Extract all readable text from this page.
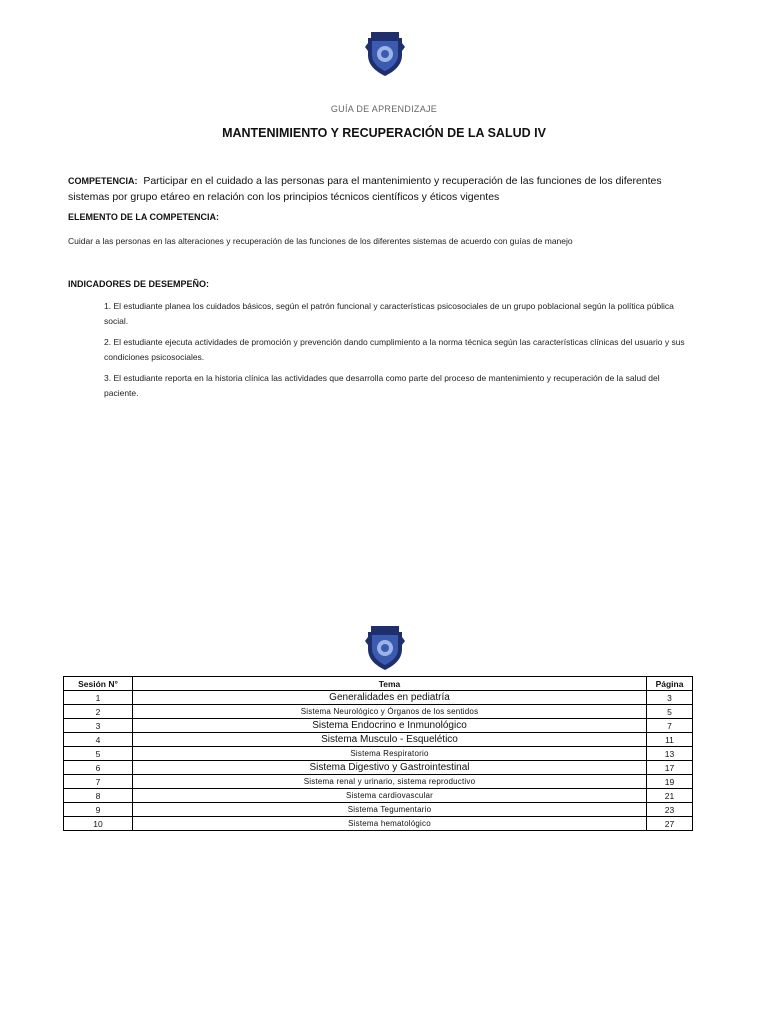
GUÍA DE APRENDIZAJE
MANTENIMIENTO Y RECUPERACIÓN DE LA SALUD IV
COMPETENCIA: Participar en el cuidado a las personas para el mantenimiento y recuperación de las funciones de los diferentes sistemas por grupo etáreo en relación con los principios técnicos científicos y éticos vigentes
ELEMENTO DE LA COMPETENCIA:
Cuidar a las personas en las alteraciones y recuperación de las funciones de los diferentes sistemas de acuerdo con guías de manejo
INDICADORES DE DESEMPEÑO:

1. El estudiante planea los cuidados básicos, según el patrón funcional y características psicosociales de un grupo poblacional según la política pública social.

2. El estudiante ejecuta actividades de promoción y prevención dando cumplimiento a la norma técnica según las características clínicas del usuario y sus condiciones psicosociales.

3. El estudiante reporta en la historia clínica las actividades que desarrolla como parte del proceso de mantenimiento y recuperación de la salud del paciente.

Sesión N°	Tema	Página
1	Generalidades en pediatría	3
2	Sistema Neurológico y Órganos de los sentidos	5
3	Sistema Endocrino e Inmunológico	7
4	Sistema Musculo - Esquelético	11
5	Sistema Respiratorio	13
6	Sistema Digestivo y Gastrointestinal	17
7	Sistema renal y urinario, sistema reproductivo	19
8	Sistema cardiovascular	21
9	Sistema Tegumentario	23
10	Sistema hematológico	27
